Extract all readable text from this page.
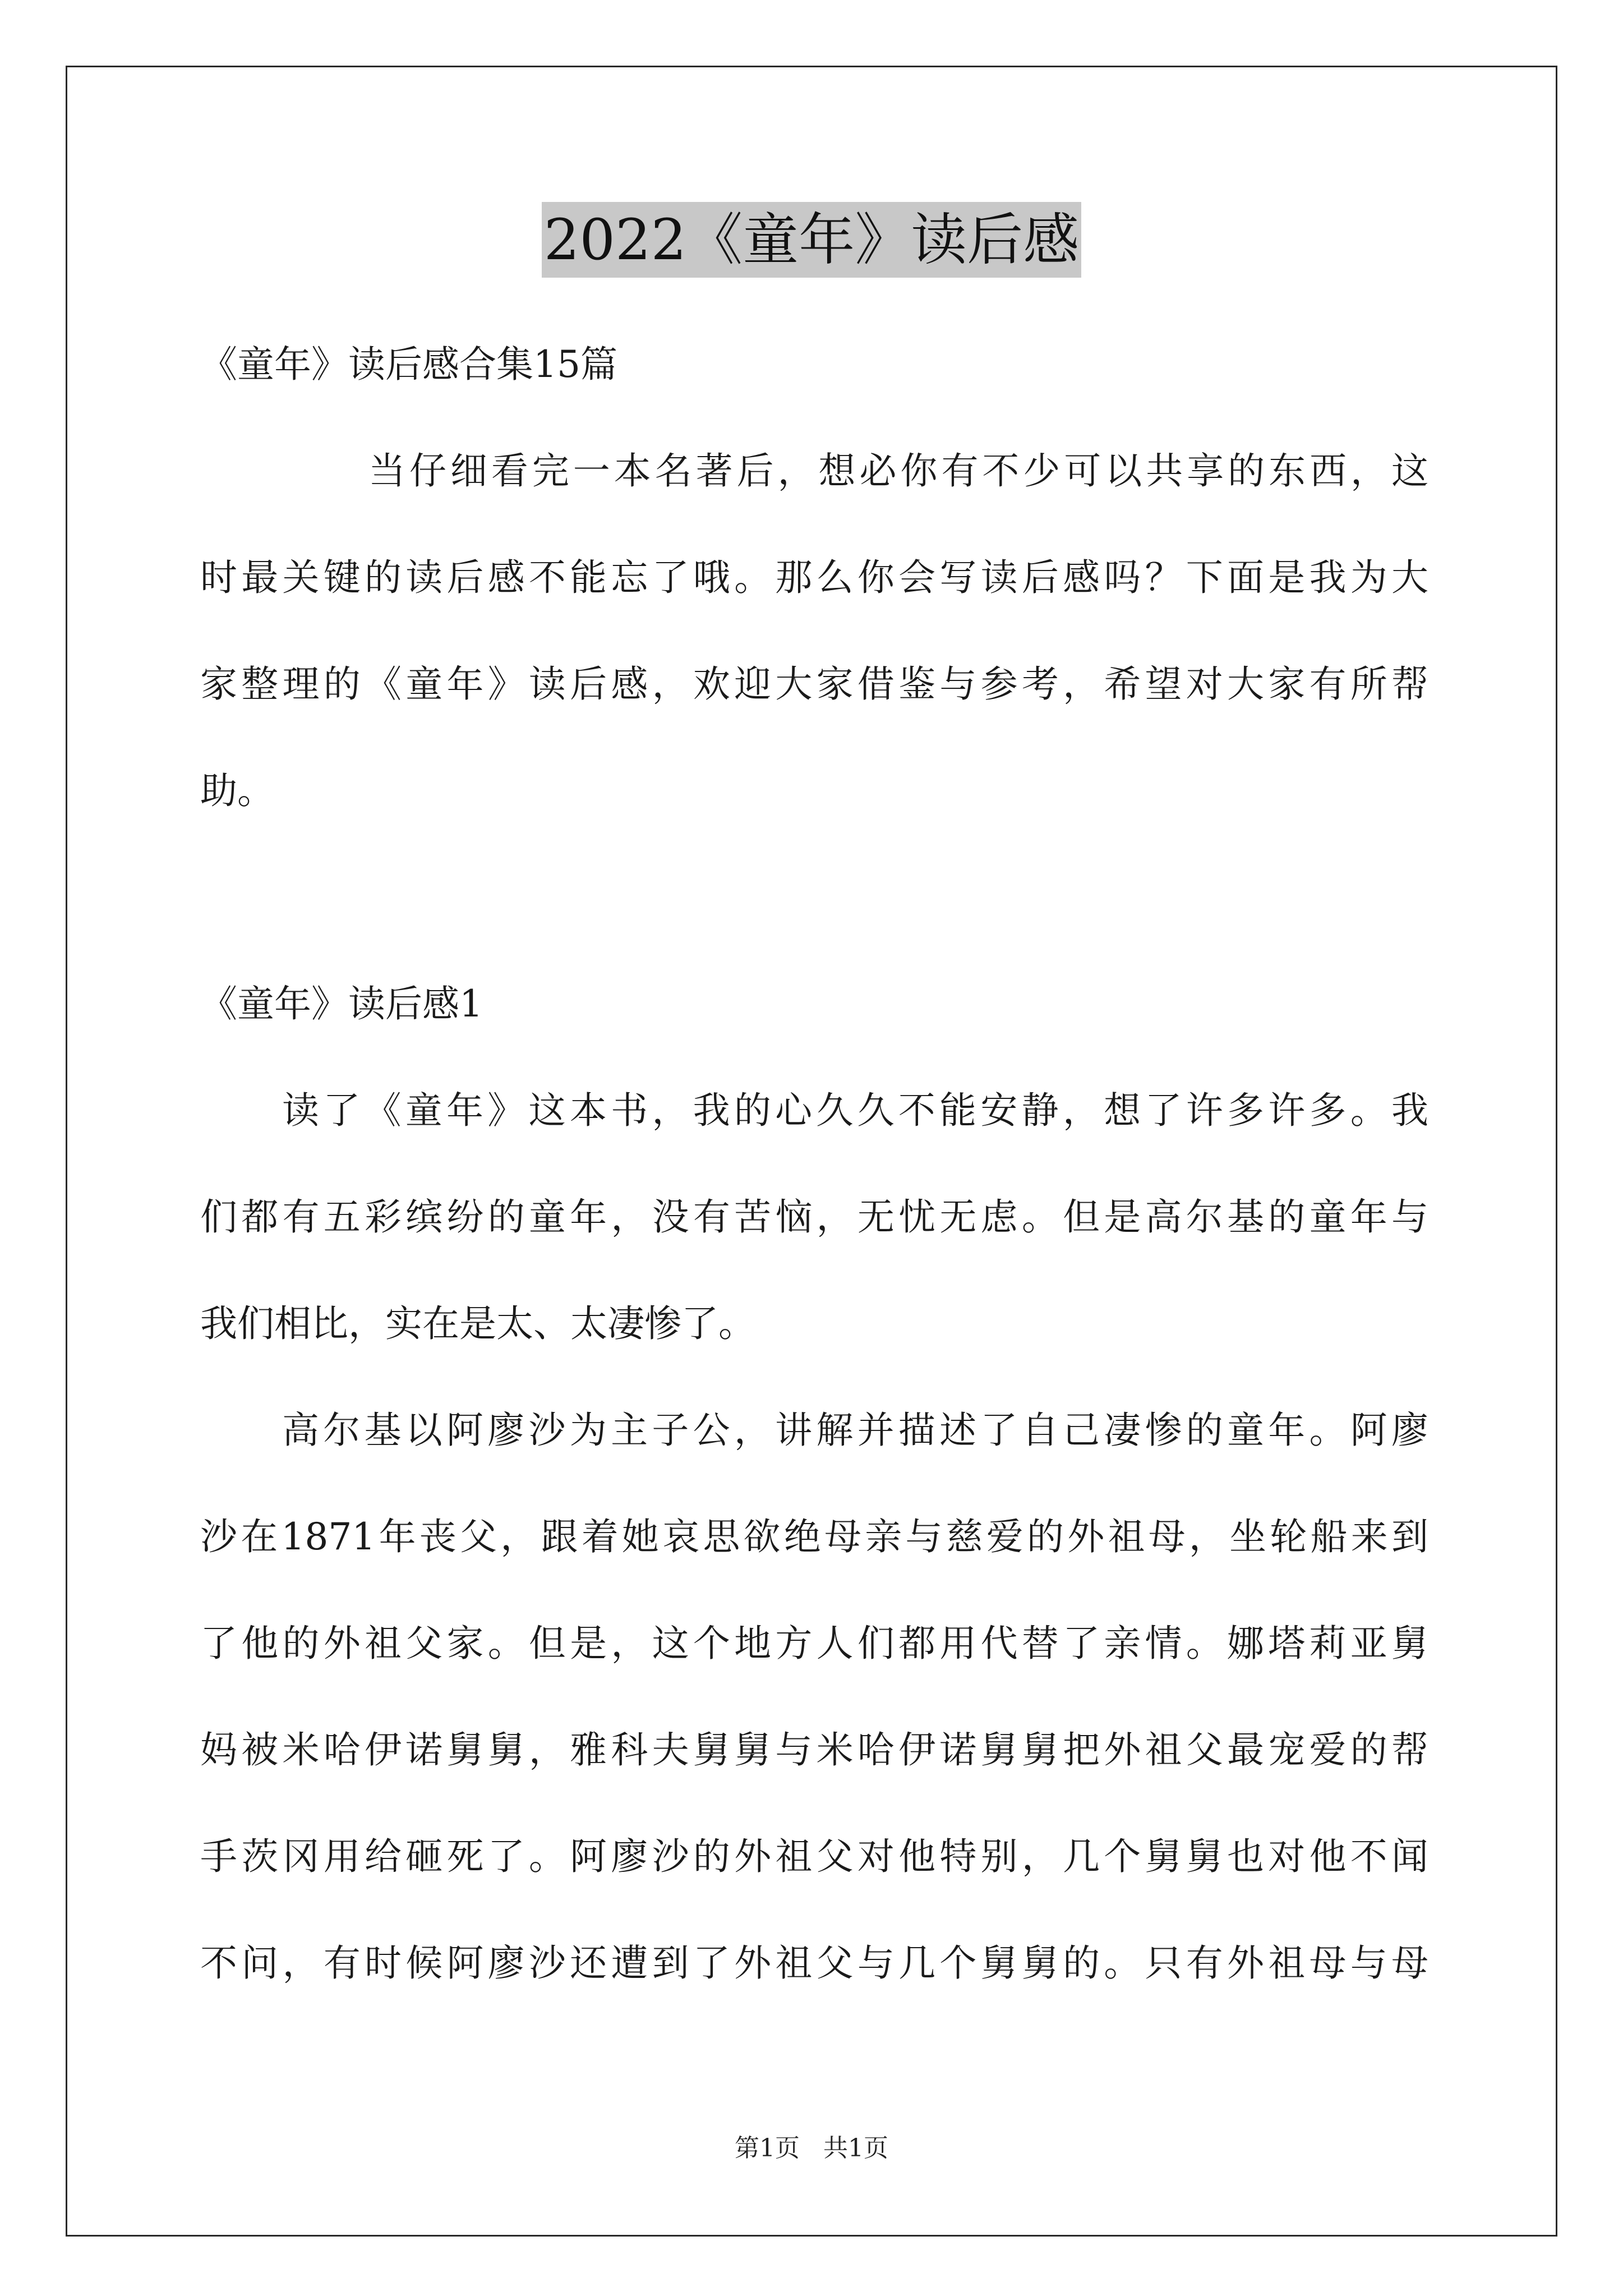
2022《童年》读后感

《童年》读后感合集15篇

当仔细看完一本名著后，想必你有不少可以共享的东西，这

时最关键的读后感不能忘了哦。那么你会写读后感吗？下面是我为大

家整理的《童年》读后感，欢迎大家借鉴与参考，希望对大家有所帮

助。

《童年》读后感1

读了《童年》这本书，我的心久久不能安静，想了许多许多。我

们都有五彩缤纷的童年，没有苦恼，无忧无虑。但是高尔基的童年与

我们相比，实在是太、太凄惨了。

高尔基以阿廖沙为主子公，讲解并描述了自己凄惨的童年。阿廖

沙在1871年丧父，跟着她哀思欲绝母亲与慈爱的外祖母，坐轮船来到

了他的外祖父家。但是，这个地方人们都用代替了亲情。娜塔莉亚舅

妈被米哈伊诺舅舅，雅科夫舅舅与米哈伊诺舅舅把外祖父最宠爱的帮

手茨冈用给砸死了。阿廖沙的外祖父对他特别，几个舅舅也对他不闻

不问，有时候阿廖沙还遭到了外祖父与几个舅舅的。只有外祖母与母

第1页 共1页
